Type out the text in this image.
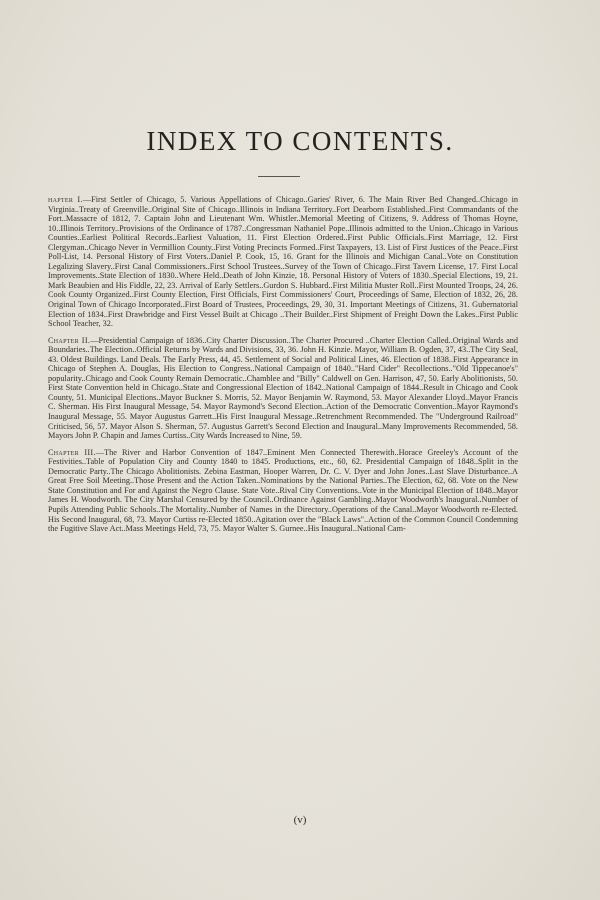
INDEX TO CONTENTS.

hapter I.—First Settler of Chicago, 5. Various Appellations of Chicago..Garies' River, 6. The Main River Bed Changed..Chicago in Virginia..Treaty of Greenville..Original Site of Chicago..Illinois in Indiana Territory..Fort Dearborn Established..First Commandants of the Fort..Massacre of 1812, 7. Captain John and Lieutenant Wm. Whistler..Memorial Meeting of Citizens, 9. Address of Thomas Hoyne, 10..Illinois Territory..Provisions of the Ordinance of 1787..Congressman Nathaniel Pope..Illinois admitted to the Union..Chicago in Various Counties..Earliest Political Records..Earliest Valuation, 11. First Election Ordered..First Public Officials..First Marriage, 12. First Clergyman..Chicago Never in Vermillion County..First Voting Precincts Formed..First Taxpayers, 13. List of First Justices of the Peace..First Poll-List, 14. Personal History of First Voters..Daniel P. Cook, 15, 16. Grant for the Illinois and Michigan Canal..Vote on Constitution Legalizing Slavery..First Canal Commissioners..First School Trustees..Survey of the Town of Chicago..First Tavern License, 17. First Local Improvements..State Election of 1830..Where Held..Death of John Kinzie, 18. Personal History of Voters of 1830..Special Elections, 19, 21. Mark Beaubien and His Fiddle, 22, 23. Arrival of Early Settlers..Gurdon S. Hubbard..First Militia Muster Roll..First Mounted Troops, 24, 26. Cook County Organized..First County Election, First Officials, First Commissioners' Court, Proceedings of Same, Election of 1832, 26, 28. Original Town of Chicago Incorporated..First Board of Trustees, Proceedings, 29, 30, 31. Important Meetings of Citizens, 31. Gubernatorial Election of 1834..First Drawbridge and First Vessel Built at Chicago ..Their Builder..First Shipment of Freight Down the Lakes..First Public School Teacher, 32.

Chapter II.—Presidential Campaign of 1836..City Charter Discussion..The Charter Procured ..Charter Election Called..Original Wards and Boundaries..The Election..Official Returns by Wards and Divisions, 33, 36. John H. Kinzie. Mayor, William B. Ogden, 37, 43..The City Seal, 43. Oldest Buildings. Land Deals. The Early Press, 44, 45. Settlement of Social and Political Lines, 46. Election of 1838..First Appearance in Chicago of Stephen A. Douglas, His Election to Congress..National Campaign of 1840.."Hard Cider" Recollections.."Old Tippecanoe's" popularity..Chicago and Cook County Remain Democratic..Chamblee and "Billy" Caldwell on Gen. Harrison, 47, 50. Early Abolitionists, 50. First State Convention held in Chicago..State and Congressional Election of 1842..National Campaign of 1844..Result in Chicago and Cook County, 51. Municipal Elections..Mayor Buckner S. Morris, 52. Mayor Benjamin W. Raymond, 53. Mayor Alexander Lloyd..Mayor Francis C. Sherman. His First Inaugural Message, 54. Mayor Raymond's Second Election..Action of the Democratic Convention..Mayor Raymond's Inaugural Message, 55. Mayor Augustus Garrett..His First Inaugural Message..Retrenchment Recommended. The "Underground Railroad" Criticised, 56, 57. Mayor Alson S. Sherman, 57. Augustus Garrett's Second Election and Inaugural..Many Improvements Recommended, 58. Mayors John P. Chapin and James Curtiss..City Wards Increased to Nine, 59.

Chapter III.—The River and Harbor Convention of 1847..Eminent Men Connected Therewith..Horace Greeley's Account of the Festivities..Table of Population City and County 1840 to 1845. Productions, etc., 60, 62. Presidential Campaign of 1848..Split in the Democratic Party..The Chicago Abolitionists. Zebina Eastman, Hooper Warren, Dr. C. V. Dyer and John Jones..Last Slave Disturbance..A Great Free Soil Meeting..Those Present and the Action Taken..Nominations by the National Parties..The Election, 62, 68. Vote on the New State Constitution and For and Against the Negro Clause. State Vote..Rival City Conventions..Vote in the Municipal Election of 1848..Mayor James H. Woodworth. The City Marshal Censured by the Council..Ordinance Against Gambling..Mayor Woodworth's Inaugural..Number of Pupils Attending Public Schools..The Mortality..Number of Names in the Directory..Operations of the Canal..Mayor Woodworth re-Elected. His Second Inaugural, 68, 73. Mayor Curtiss re-Elected 1850..Agitation over the "Black Laws"..Action of the Common Council Condemning the Fugitive Slave Act..Mass Meetings Held, 73, 75. Mayor Walter S. Gurnee..His Inaugural..National Cam-

(v)
